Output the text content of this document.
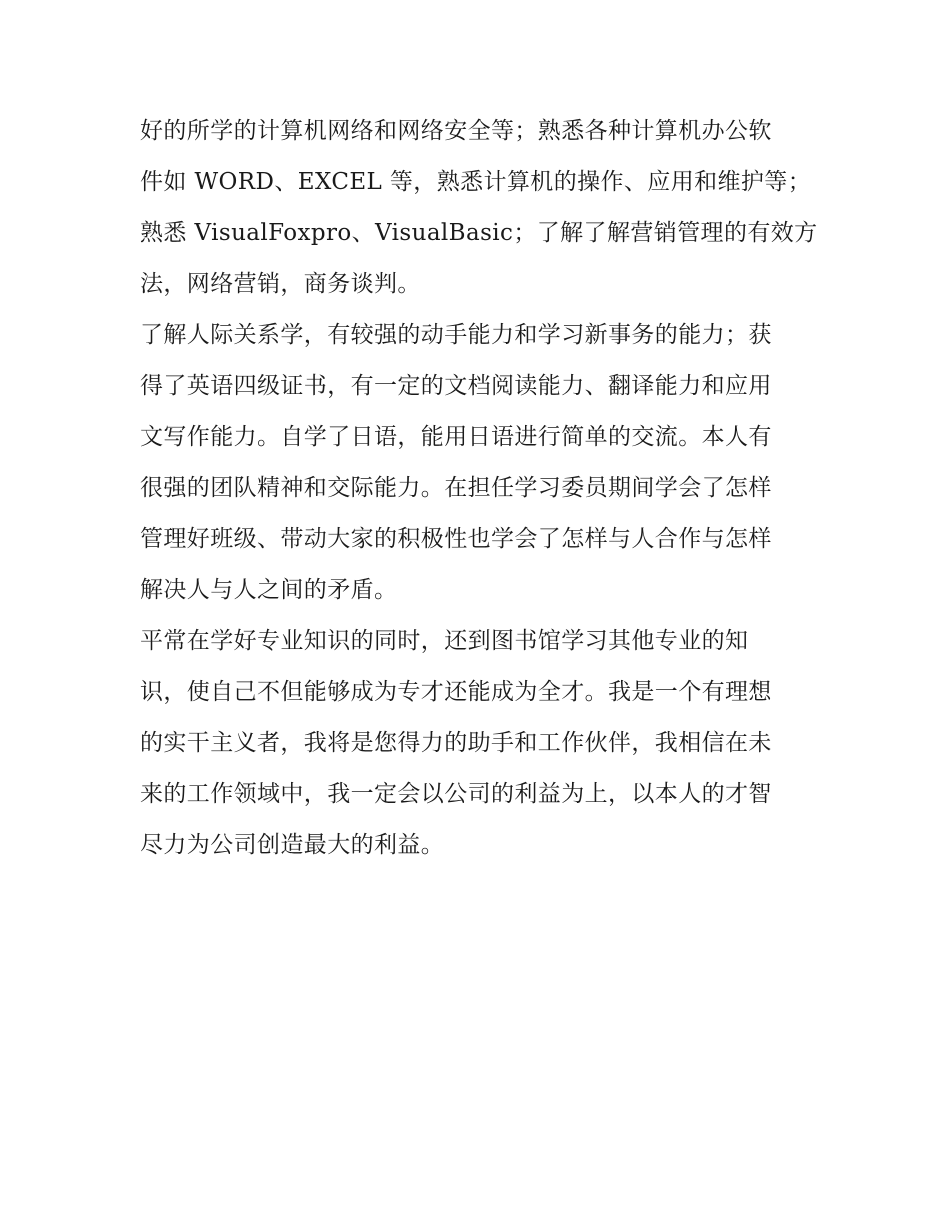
好的所学的计算机网络和网络安全等；熟悉各种计算机办公软
件如 WORD、EXCEL 等，熟悉计算机的操作、应用和维护等；
熟悉 VisualFoxpro、VisualBasic；了解了解营销管理的有效方
法，网络营销，商务谈判。
了解人际关系学，有较强的动手能力和学习新事务的能力；获
得了英语四级证书，有一定的文档阅读能力、翻译能力和应用
文写作能力。自学了日语，能用日语进行简单的交流。本人有
很强的团队精神和交际能力。在担任学习委员期间学会了怎样
管理好班级、带动大家的积极性也学会了怎样与人合作与怎样
解决人与人之间的矛盾。
平常在学好专业知识的同时，还到图书馆学习其他专业的知
识，使自己不但能够成为专才还能成为全才。我是一个有理想
的实干主义者，我将是您得力的助手和工作伙伴，我相信在未
来的工作领域中，我一定会以公司的利益为上，以本人的才智
尽力为公司创造最大的利益。
